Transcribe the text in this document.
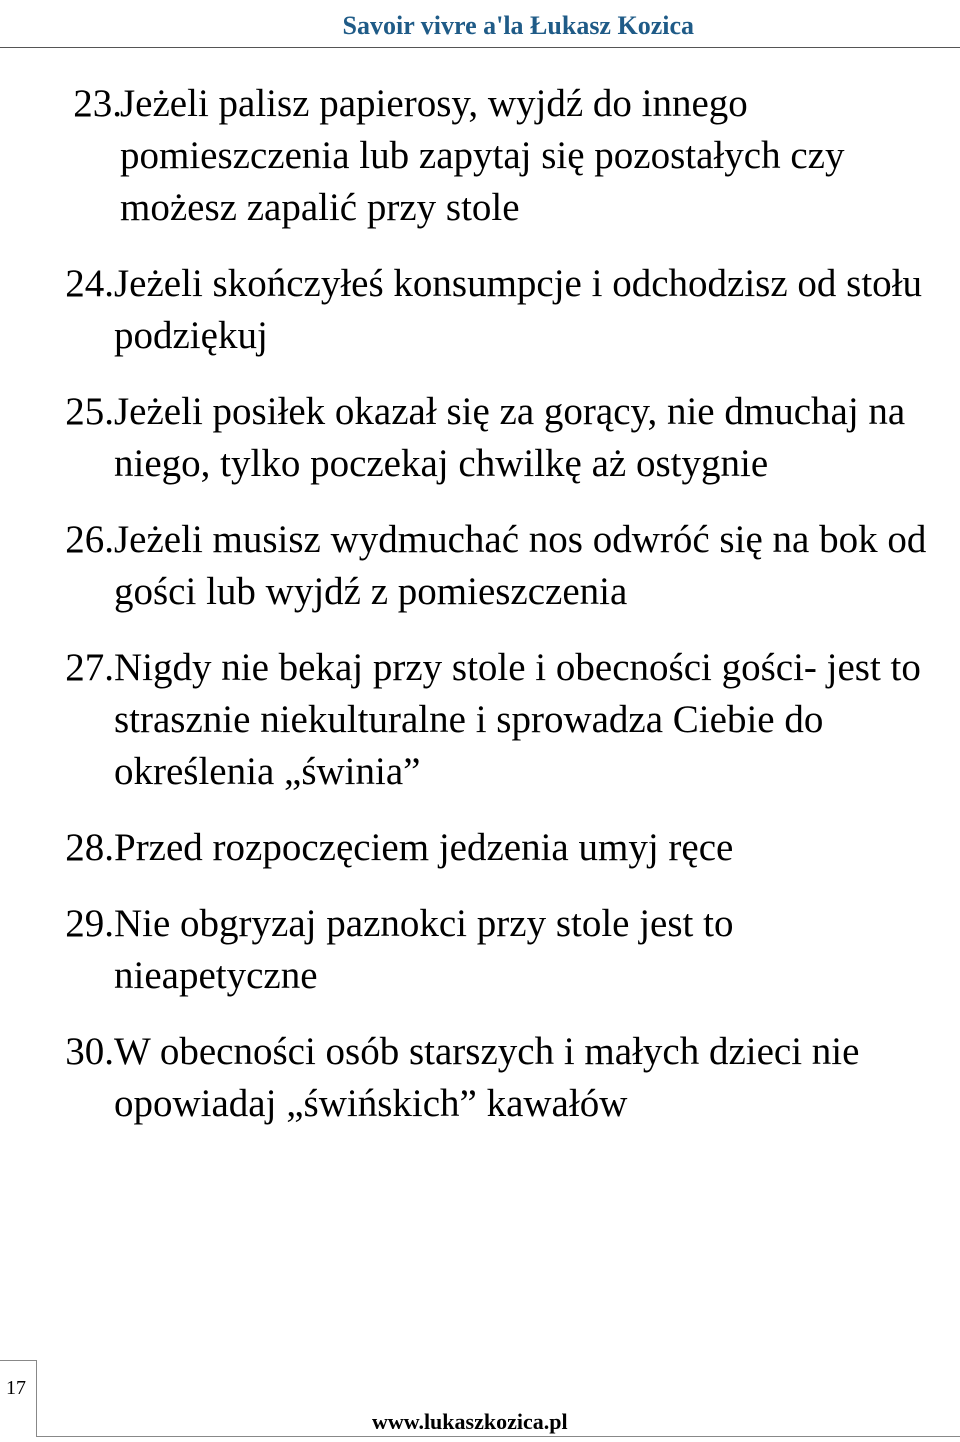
Savoir vivre a'la Łukasz Kozica
23.
Jeżeli palisz papierosy, wyjdź do innego pomieszczenia lub zapytaj się pozostałych czy możesz zapalić przy stole
24. Jeżeli skończyłeś konsumpcje i odchodzisz od stołu podziękuj
25. Jeżeli posiłek okazał się za gorący, nie dmuchaj na niego, tylko poczekaj chwilkę aż ostygnie
26. Jeżeli musisz wydmuchać nos odwróć się na bok od gości lub wyjdź z pomieszczenia
27. Nigdy nie bekaj przy stole i obecności gości- jest to strasznie niekulturalne i sprowadza Ciebie do określenia „świnia”
28. Przed rozpoczęciem jedzenia umyj ręce
29. Nie obgryzaj paznokci przy stole jest to nieapetyczne
30. W obecności osób starszych i małych dzieci nie opowiadaj „świńskich” kawałów
17
www.lukaszkozica.pl
